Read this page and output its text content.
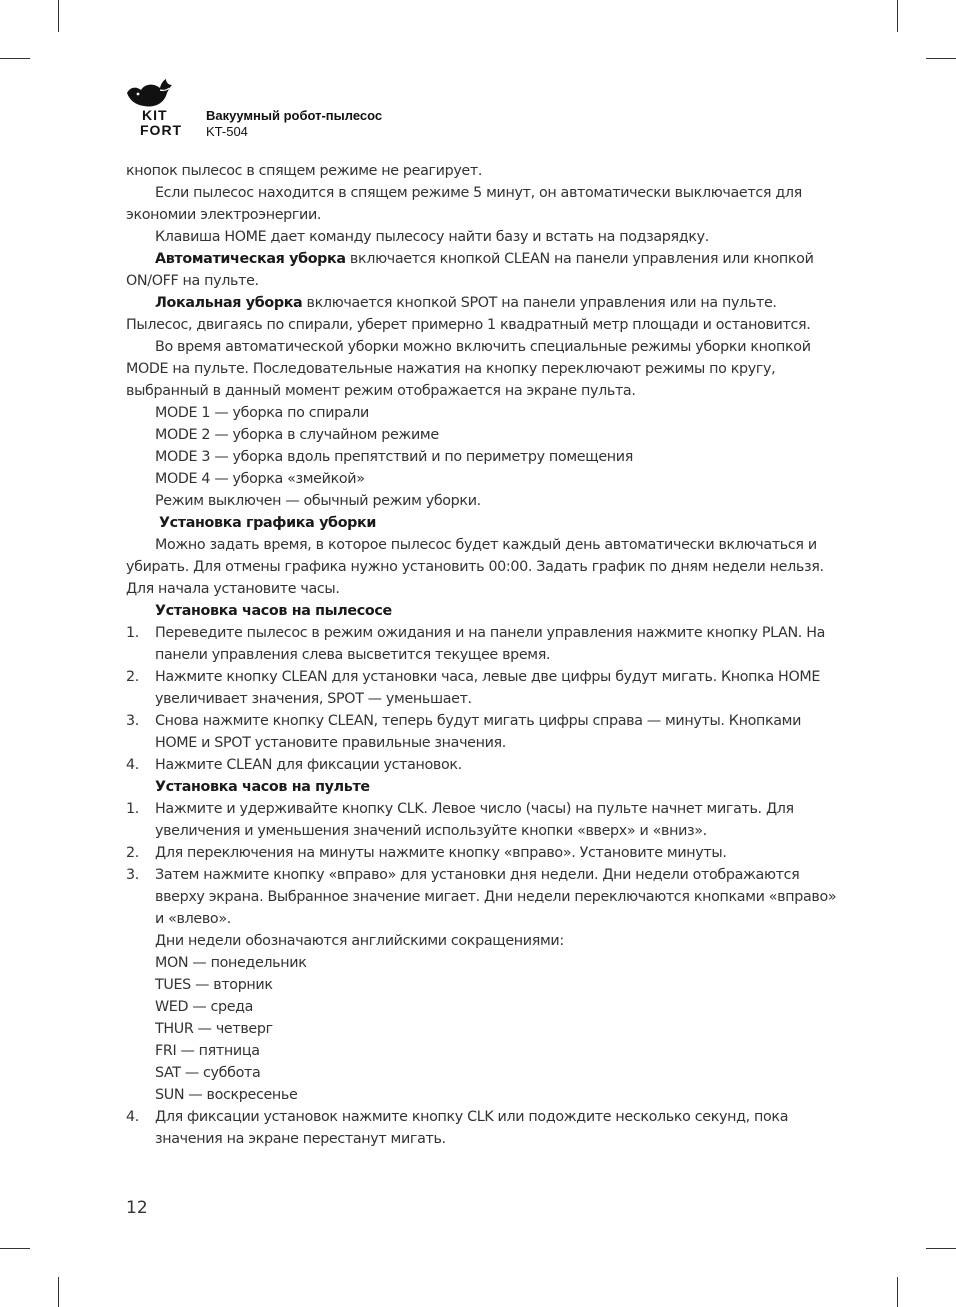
KIT
FORT
Вакуумный робот-пылесос
KT-504

кнопок пылесос в спящем режиме не реагирует.

Если пылесос находится в спящем режиме 5 минут, он автоматически выключается для экономии электроэнергии.

Клавиша HOME дает команду пылесосу найти базу и встать на подзарядку.

Автоматическая уборка включается кнопкой CLEAN на панели управления или кнопкой ON/OFF на пульте.

Локальная уборка включается кнопкой SPOT на панели управления или на пульте. Пылесос, двигаясь по спирали, уберет примерно 1 квадратный метр площади и остановится.

Во время автоматической уборки можно включить специальные режимы уборки кнопкой MODE на пульте. Последовательные нажатия на кнопку переключают режимы по кругу, выбранный в данный момент режим отображается на экране пульта.

MODE 1 — уборка по спирали

MODE 2 — уборка в случайном режиме

MODE 3 — уборка вдоль препятствий и по периметру помещения

MODE 4 — уборка «змейкой»

Режим выключен — обычный режим уборки.

Установка графика уборки

Можно задать время, в которое пылесос будет каждый день автоматически включаться и убирать. Для отмены графика нужно установить 00:00. Задать график по дням недели нельзя. Для начала установите часы.

Установка часов на пылесосе

1. Переведите пылесос в режим ожидания и на панели управления нажмите кнопку PLAN. На панели управления слева высветится текущее время.
2. Нажмите кнопку CLEAN для установки часа, левые две цифры будут мигать. Кнопка HOME увеличивает значения, SPOT — уменьшает.
3. Снова нажмите кнопку CLEAN, теперь будут мигать цифры справа — минуты. Кнопками HOME и SPOT установите правильные значения.
4. Нажмите CLEAN для фиксации установок.

Установка часов на пульте

1. Нажмите и удерживайте кнопку CLK. Левое число (часы) на пульте начнет мигать. Для увеличения и уменьшения значений используйте кнопки «вверх» и «вниз».
2. Для переключения на минуты нажмите кнопку «вправо». Установите минуты.
3. Затем нажмите кнопку «вправо» для установки дня недели. Дни недели отображаются вверху экрана. Выбранное значение мигает. Дни недели переключаются кнопками «вправо» и «влево».

Дни недели обозначаются английскими сокращениями:

MON — понедельник

TUES — вторник

WED — среда

THUR — четверг

FRI — пятница

SAT — суббота

SUN — воскресенье

4. Для фиксации установок нажмите кнопку CLK или подождите несколько секунд, пока значения на экране перестанут мигать.
12
